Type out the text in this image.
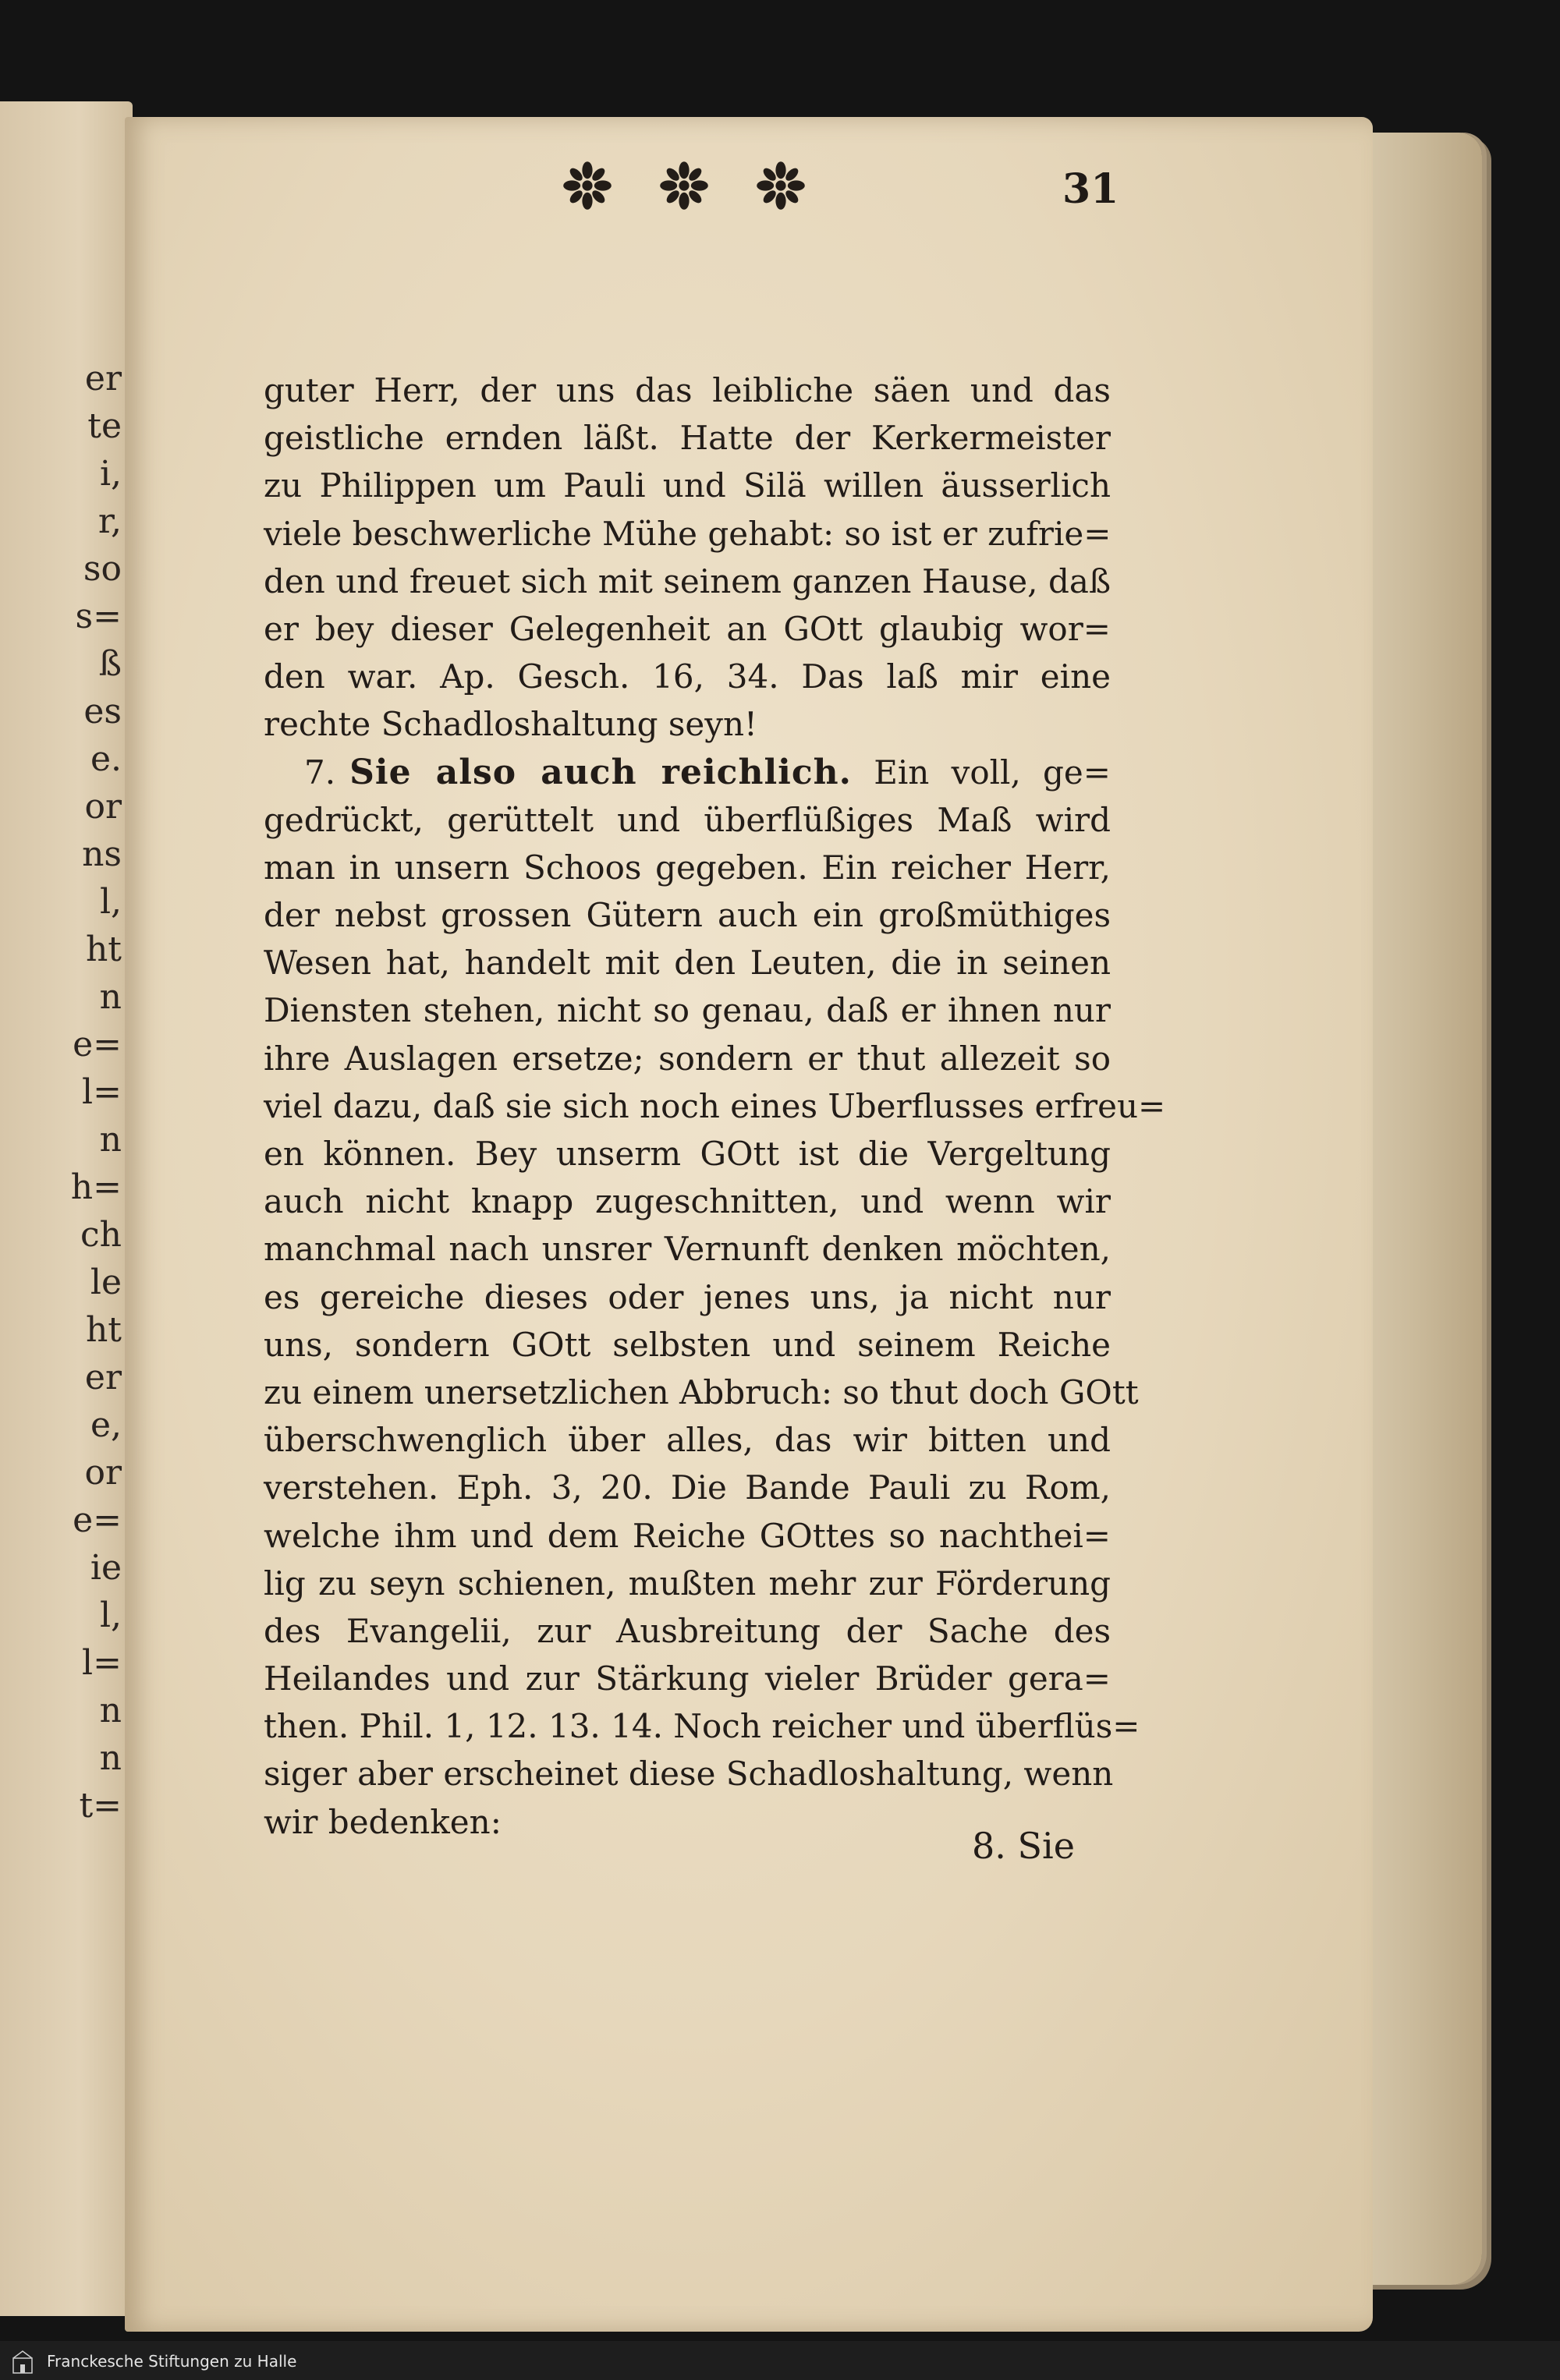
er
te
i,
r,
so
s=
ß
es
e.
or
ns
l,
ht
n
e=
l=
n
h=
ch
le
ht
er
e,
or
e=
ie
l,
l=
n
n
t=
31
guter Herr, der uns das leibliche säen und das
geistliche ernden läßt. Hatte der Kerkermeister
zu Philippen um Pauli und Silä willen äusserlich
viele beschwerliche Mühe gehabt: so ist er zufrie=
den und freuet sich mit seinem ganzen Hause, daß
er bey dieser Gelegenheit an GOtt glaubig wor=
den war. Ap. Gesch. 16, 34. Das laß mir eine
rechte Schadloshaltung seyn!
7. Sie also auch reichlich. Ein voll, ge=
gedrückt, gerüttelt und überflüßiges Maß wird
man in unsern Schoos gegeben. Ein reicher Herr,
der nebst grossen Gütern auch ein großmüthiges
Wesen hat, handelt mit den Leuten, die in seinen
Diensten stehen, nicht so genau, daß er ihnen nur
ihre Auslagen ersetze; sondern er thut allezeit so
viel dazu, daß sie sich noch eines Uberflusses erfreu=
en können. Bey unserm GOtt ist die Vergeltung
auch nicht knapp zugeschnitten, und wenn wir
manchmal nach unsrer Vernunft denken möchten,
es gereiche dieses oder jenes uns, ja nicht nur
uns, sondern GOtt selbsten und seinem Reiche
zu einem unersetzlichen Abbruch: so thut doch GOtt
überschwenglich über alles, das wir bitten und
verstehen. Eph. 3, 20. Die Bande Pauli zu Rom,
welche ihm und dem Reiche GOttes so nachthei=
lig zu seyn schienen, mußten mehr zur Förderung
des Evangelii, zur Ausbreitung der Sache des
Heilandes und zur Stärkung vieler Brüder gera=
then. Phil. 1, 12. 13. 14. Noch reicher und überflüs=
siger aber erscheinet diese Schadloshaltung, wenn
wir bedenken:
8. Sie
Franckesche Stiftungen zu Halle
